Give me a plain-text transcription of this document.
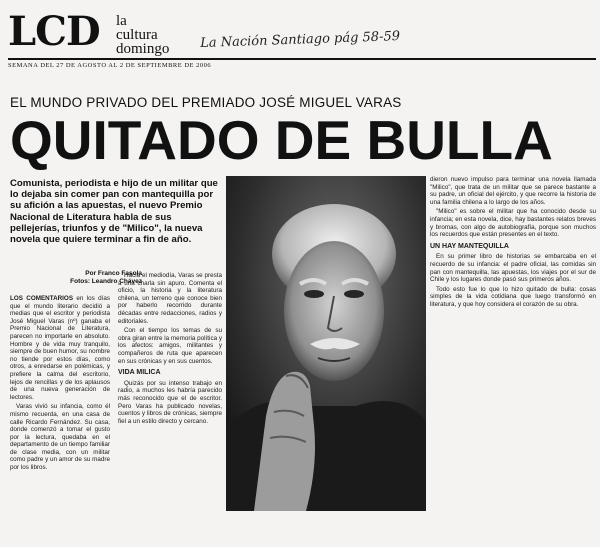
LCD la
cultura
domingo La Nación Santiago pág 58-59
SEMANA DEL 27 DE AGOSTO AL 2 DE SEPTIEMBRE DE 2006
EL MUNDO PRIVADO DEL PREMIADO JOSÉ MIGUEL VARAS
QUITADO DE BULLA
Comunista, periodista e hijo de un militar que lo dejaba sin comer pan con mantequilla por su afición a las apuestas, el nuevo Premio Nacional de Literatura habla de sus pellejerías, triunfos y de "Milico", la nueva novela que quiere terminar a fin de año.
Por Franco Fasola
Fotos: Leandro Chávez

LOS COMENTARIOS en los días que el mundo literario decidió a medias que el escritor y periodista José Miguel Varas (nº) ganaba el Premio Nacional de Literatura, parecen no importarle en absoluto. Hombre y de vida muy tranquilo, siempre de buen humor, su nombre no tiende por estos días, como otros, a enredarse en polémicas, y prefiere la calma del escritorio, lejos de rencillas y de los aplausos de una nueva generación de lectores.

Varas vivió su infancia, como él mismo recuerda, en una casa de calle Ricardo Fernández. Su casa, donde comenzó a tomar el gusto por la lectura, quedaba en el departamento de un tiempo familiar de clase media, con un militar como padre y un amor de su madre por los libros.

Hacia el mediodía, Varas se presta a una charla sin apuro. Comenta el oficio, la historia y la literatura chilena, un terreno que conoce bien por haberlo recorrido durante décadas entre redacciones, radios y editoriales.

Con el tiempo los temas de su obra giran entre la memoria política y los afectos: amigos, militantes y compañeros de ruta que aparecen en sus crónicas y en sus cuentos.

VIDA MILICA

Quizás por su intenso trabajo en radio, a muchos les habría parecido más reconocido que el de escritor. Pero Varas ha publicado novelas, cuentos y libros de crónicas, siempre fiel a un estilo directo y cercano.

dieron nuevo impulso para terminar una novela llamada "Milico", que trata de un militar que se parece bastante a su padre, un oficial del ejército, y que recorre la historia de una familia chilena a lo largo de los años.

"Milico" es sobre el militar que ha conocido desde su infancia; en esta novela, dice, hay bastantes relatos breves y bromas, con algo de autobiografía, porque son muchos los recuerdos que están presentes en el texto.

UN HAY MANTEQUILLA

En su primer libro de historias se embarcaba en el recuerdo de su infancia: el padre oficial, las comidas sin pan con mantequilla, las apuestas, los viajes por el sur de Chile y los lugares donde pasó sus primeros años.

Todo esto fue lo que lo hizo quitado de bulla: cosas simples de la vida cotidiana que luego transformó en literatura, y que hoy considera el corazón de su obra.
